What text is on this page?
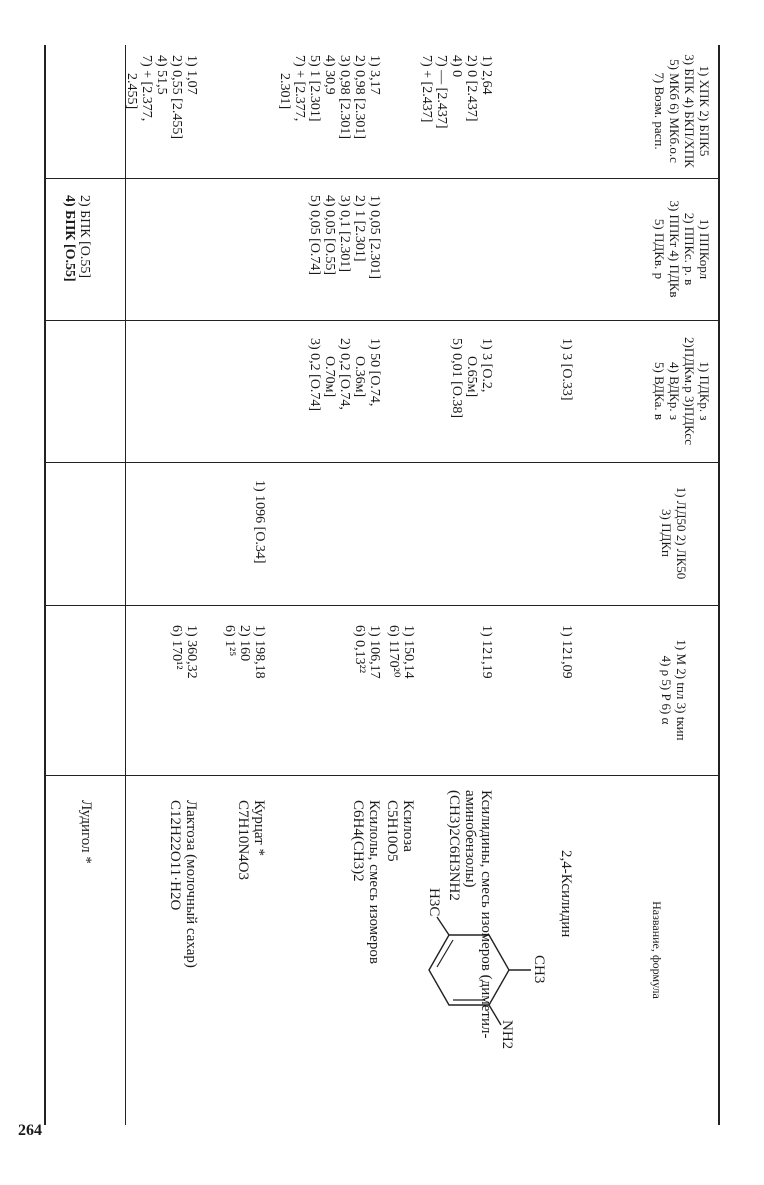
264
1) ХПК 2) БПК5
3) БПК 4) БКП/ХПК
5) МКб 6) МКб.о.с
7) Возм. расп.
1) ППКорл
2) ППКс. р. в
3) ППКт 4) ПДКв
5) ПДКв. р
1) ПДКр. з
2)ПДКм.р 3)ПДКсс
4) ВДКр. з
5) ВДКа. в
1) ЛД50 2) ЛК50
3) ПДКп
1) M 2) tпл 3) tкип
4) ρ 5) P 6) α
Название, формула
2,4-Ксилидин
NH2
CH3
H3C
1) 121,09
1) 3 [О.33]
Ксилидины, смесь изомеров (диметил-
аминобензолы)
(CH3)2C6H3NH2
1) 121,19
1) 3 [О.2,
О.65м]
5) 0,01 [О.38]
1) 2,64
2) 0 [2.437]
4) 0
7) — [2.437]
7) + [2.437]
Ксилоза
C5H10O5
1) 150,14
6) 1170²⁰
Ксилолы, смесь изомеров
C6H4(CH3)2
1) 106,17
6) 0,13²²
1) 50 [О.74,
О.36м]
2) 0,2 [О.74,
О.70м]
3) 0,2 [О.74]
1) 0,05 [2.301]
2) 1 [2.301]
3) 0,1 [2.301]
4) 0,05 [О.55]
5) 0,05 [О.74]
1) 3,17
2) 0,98 [2.301]
3) 0,98 [2.301]
4) 30,9
5) 1 [2.301]
7) + [2.377,
2.301]
Курцат *
C7H10N4O3
1) 198,18
2) 160
6) 1²⁵
1) 1096 [О.34]
Лактоза (молочный сахар)
C12H22O11·H2O
1) 360,32
6) 170¹²
1) 1,07
2) 0,55 [2.455]
4) 51,5
7) + [2.377,
2.455]
Лудигол *
2) БПК [О.55]
4) БПК [О.55]
